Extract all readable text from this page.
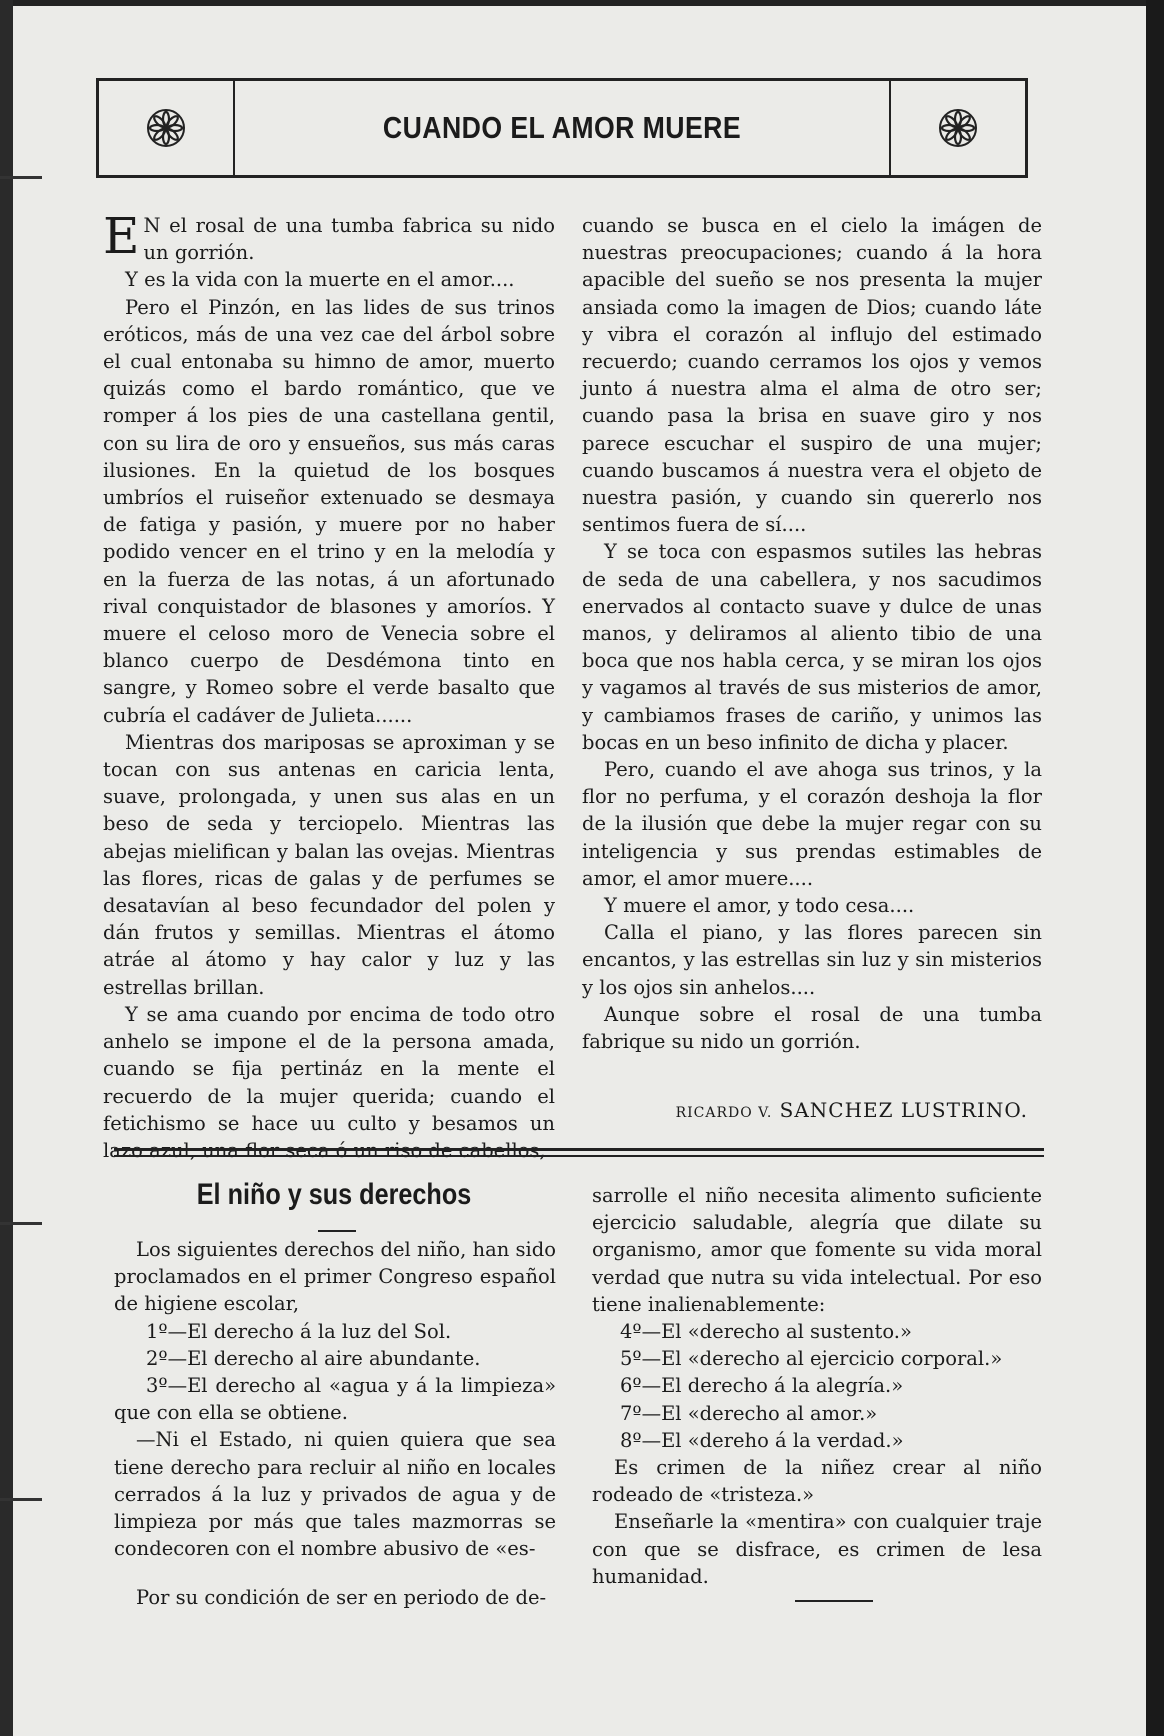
CUANDO EL AMOR MUERE

E N el rosal de una tumba fabrica su nido un gorrión.

Y es la vida con la muerte en el amor....

Pero el Pinzón, en las lides de sus trinos eróticos, más de una vez cae del árbol sobre el cual entonaba su himno de amor, muerto quizás como el bardo romántico, que ve romper á los pies de una castellana gentil, con su lira de oro y ensueños, sus más caras ilusiones. En la quietud de los bosques umbríos el ruiseñor extenuado se desmaya de fatiga y pasión, y muere por no haber podido vencer en el trino y en la melodía y en la fuerza de las notas, á un afortunado rival conquistador de blasones y amoríos. Y muere el celoso moro de Venecia sobre el blanco cuerpo de Desdémona tinto en sangre, y Romeo sobre el verde basalto que cubría el cadáver de Julieta......

Mientras dos mariposas se aproximan y se tocan con sus antenas en caricia lenta, suave, prolongada, y unen sus alas en un beso de seda y terciopelo. Mientras las abejas mielifican y balan las ovejas. Mientras las flores, ricas de galas y de perfumes se desatavían al beso fecundador del polen y dán frutos y semillas. Mientras el átomo atráe al átomo y hay calor y luz y las estrellas brillan.

Y se ama cuando por encima de todo otro anhelo se impone el de la persona amada, cuando se fija pertináz en la mente el recuerdo de la mujer querida; cuando el fetichismo se hace uu culto y besamos un lazo azul, una flor seca ó un riso de cabellos;

cuando se busca en el cielo la imágen de nuestras preocupaciones; cuando á la hora apacible del sueño se nos presenta la mujer ansiada como la imagen de Dios; cuando láte y vibra el corazón al influjo del estimado recuerdo; cuando cerramos los ojos y vemos junto á nuestra alma el alma de otro ser; cuando pasa la brisa en suave giro y nos parece escuchar el suspiro de una mujer; cuando buscamos á nuestra vera el objeto de nuestra pasión, y cuando sin quererlo nos sentimos fuera de sí....

Y se toca con espasmos sutiles las hebras de seda de una cabellera, y nos sacudimos enervados al contacto suave y dulce de unas manos, y deliramos al aliento tibio de una boca que nos habla cerca, y se miran los ojos y vagamos al través de sus misterios de amor, y cambiamos frases de cariño, y unimos las bocas en un beso infinito de dicha y placer.

Pero, cuando el ave ahoga sus trinos, y la flor no perfuma, y el corazón deshoja la flor de la ilusión que debe la mujer regar con su inteligencia y sus prendas estimables de amor, el amor muere....

Y muere el amor, y todo cesa....

Calla el piano, y las flores parecen sin encantos, y las estrellas sin luz y sin misterios y los ojos sin anhelos....

Aunque sobre el rosal de una tumba fabrique su nido un gorrión.

RICARDO V. SANCHEZ LUSTRINO.
El niño y sus derechos

Los siguientes derechos del niño, han sido proclamados en el primer Congreso español de higiene escolar,

1º—El derecho á la luz del Sol.

2º—El derecho al aire abundante.

3º—El derecho al «agua y á la limpieza» que con ella se obtiene.

—Ni el Estado, ni quien quiera que sea tiene derecho para recluir al niño en locales cerrados á la luz y privados de agua y de limpieza por más que tales mazmorras se condecoren con el nombre abusivo de «es-

Por su condición de ser en periodo de de-

sarrolle el niño necesita alimento suficiente ejercicio saludable, alegría que dilate su organismo, amor que fomente su vida moral verdad que nutra su vida intelectual. Por eso tiene inalienablemente:

4º—El «derecho al sustento.»

5º—El «derecho al ejercicio corporal.»

6º—El derecho á la alegría.»

7º—El «derecho al amor.»

8º—El «dereho á la verdad.»

Es crimen de la niñez crear al niño rodeado de «tristeza.»

Enseñarle la «mentira» con cualquier traje con que se disfrace, es crimen de lesa humanidad.
